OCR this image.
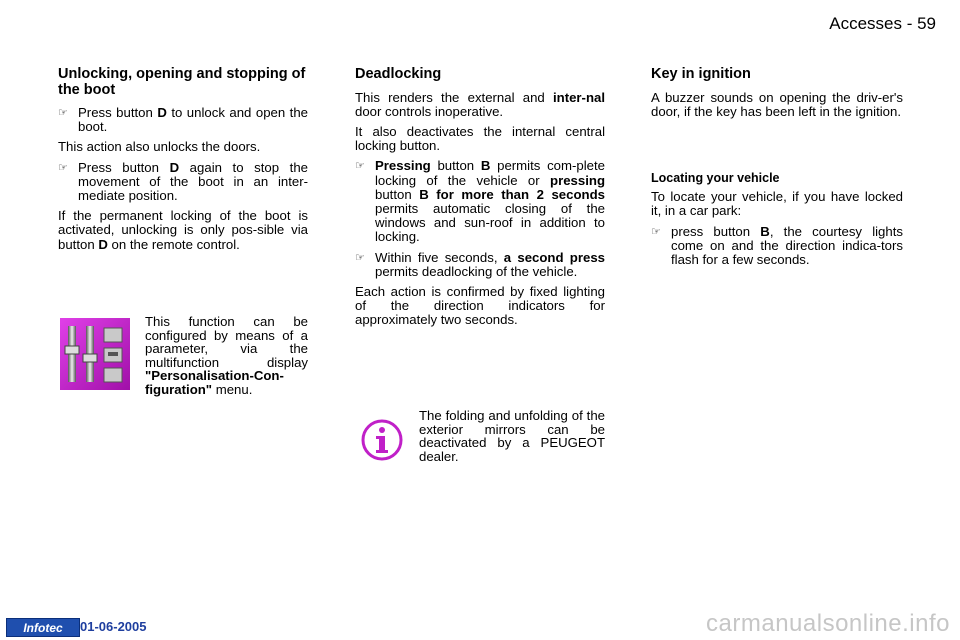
Accesses - 59
Unlocking, opening and stopping of the boot
☞ Press button D to unlock and open the boot.

This action also unlocks the doors.

☞ Press button D again to stop the movement of the boot in an inter-mediate position.

If the permanent locking of the boot is activated, unlocking is only pos-sible via button D on the remote control.

This function can be configured by means of a parameter, via the multifunction display "Personalisation-Con-figuration" menu.
Deadlocking

This renders the external and inter-nal door controls inoperative.

It also deactivates the internal central locking button.

☞ Pressing button B permits com-plete locking of the vehicle or pressing button B for more than 2 seconds permits automatic closing of the windows and sun-roof in addition to locking.
☞ Within five seconds, a second press permits deadlocking of the vehicle.

Each action is confirmed by fixed lighting of the direction indicators for approximately two seconds.

The folding and unfolding of the exterior mirrors can be deactivated by a PEUGEOT dealer.
Key in ignition

A buzzer sounds on opening the driv-er's door, if the key has been left in the ignition.

Locating your vehicle

To locate your vehicle, if you have locked it, in a car park:

☞ press button B, the courtesy lights come on and the direction indica-tors flash for a few seconds.
Infotec 01-06-2005	carmanualsonline.info
